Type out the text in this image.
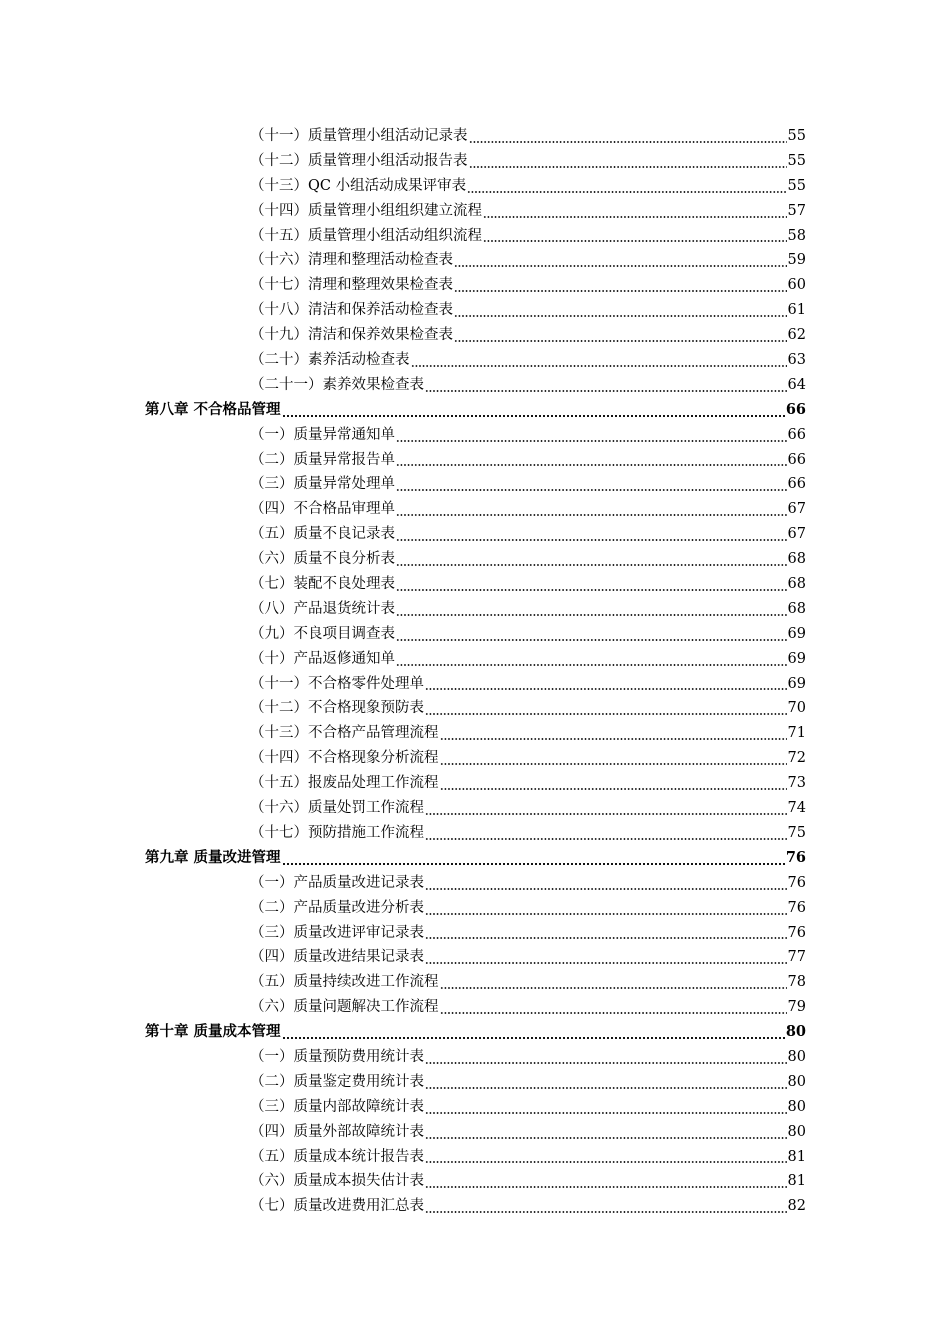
（十一）质量管理小组活动记录表	55
（十二）质量管理小组活动报告表	55
（十三）QC 小组活动成果评审表	55
（十四）质量管理小组组织建立流程	57
（十五）质量管理小组活动组织流程	58
（十六）清理和整理活动检查表	59
（十七）清理和整理效果检查表	60
（十八）清洁和保养活动检查表	61
（十九）清洁和保养效果检查表	62
（二十）素养活动检查表	63
（二十一）素养效果检查表	64
第八章 不合格品管理	66
（一）质量异常通知单	66
（二）质量异常报告单	66
（三）质量异常处理单	66
（四）不合格品审理单	67
（五）质量不良记录表	67
（六）质量不良分析表	68
（七）装配不良处理表	68
（八）产品退货统计表	68
（九）不良项目调查表	69
（十）产品返修通知单	69
（十一）不合格零件处理单	69
（十二）不合格现象预防表	70
（十三）不合格产品管理流程	71
（十四）不合格现象分析流程	72
（十五）报废品处理工作流程	73
（十六）质量处罚工作流程	74
（十七）预防措施工作流程	75
第九章 质量改进管理	76
（一）产品质量改进记录表	76
（二）产品质量改进分析表	76
（三）质量改进评审记录表	76
（四）质量改进结果记录表	77
（五）质量持续改进工作流程	78
（六）质量问题解决工作流程	79
第十章 质量成本管理	80
（一）质量预防费用统计表	80
（二）质量鉴定费用统计表	80
（三）质量内部故障统计表	80
（四）质量外部故障统计表	80
（五）质量成本统计报告表	81
（六）质量成本损失估计表	81
（七）质量改进费用汇总表	82
